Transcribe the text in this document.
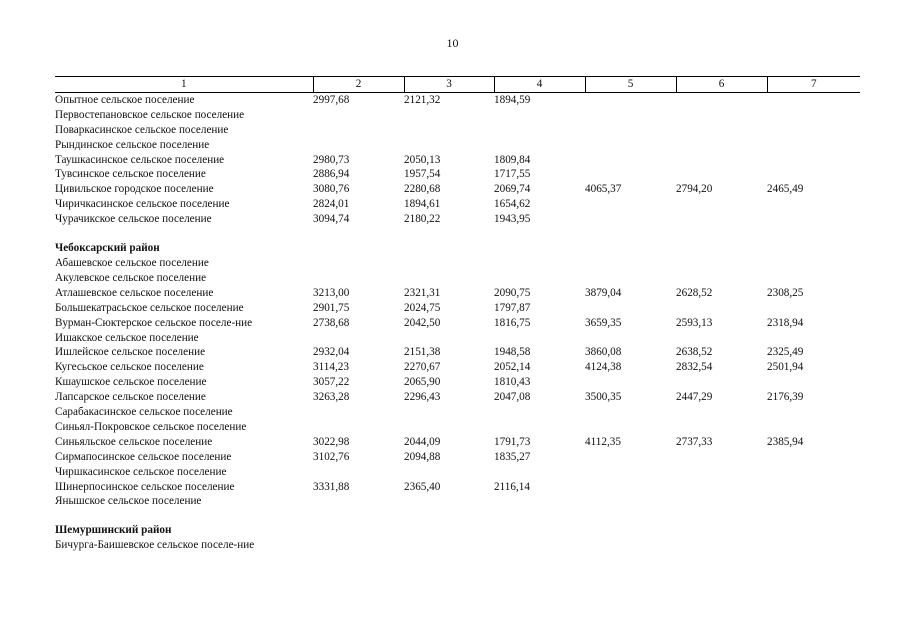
10
1	2	3	4	5	6	7
Опытное сельское поселение	2997,68	2121,32	1894,59			
Первостепановское сельское поселение						
Поваркасинское сельское поселение						
Рындинское сельское поселение						
Таушкасинское сельское поселение	2980,73	2050,13	1809,84			
Тувсинское сельское поселение	2886,94	1957,54	1717,55			
Цивильское городское поселение	3080,76	2280,68	2069,74	4065,37	2794,20	2465,49
Чиричкасинское сельское поселение	2824,01	1894,61	1654,62			
Чурачикское сельское поселение	3094,74	2180,22	1943,95			
Чебоксарский район						
Абашевское сельское поселение						
Акулевское сельское поселение						
Атлашевское сельское поселение	3213,00	2321,31	2090,75	3879,04	2628,52	2308,25
Большекатрасьское сельское поселение	2901,75	2024,75	1797,87			
Вурман-Сюктерское сельское поселе-ние	2738,68	2042,50	1816,75	3659,35	2593,13	2318,94
Ишакское сельское поселение						
Ишлейское сельское поселение	2932,04	2151,38	1948,58	3860,08	2638,52	2325,49
Кугесьское сельское поселение	3114,23	2270,67	2052,14	4124,38	2832,54	2501,94
Кшаушское сельское поселение	3057,22	2065,90	1810,43			
Лапсарское сельское поселение	3263,28	2296,43	2047,08	3500,35	2447,29	2176,39
Сарабакасинское сельское поселение						
Синьял-Покровское сельское поселение						
Синьяльское сельское поселение	3022,98	2044,09	1791,73	4112,35	2737,33	2385,94
Сирмапосинское сельское поселение	3102,76	2094,88	1835,27			
Чиршкасинское сельское поселение						
Шинерпосинское сельское поселение	3331,88	2365,40	2116,14			
Янышское сельское поселение						
Шемуршинский район						
Бичурга-Баишевское сельское поселе-ние						
